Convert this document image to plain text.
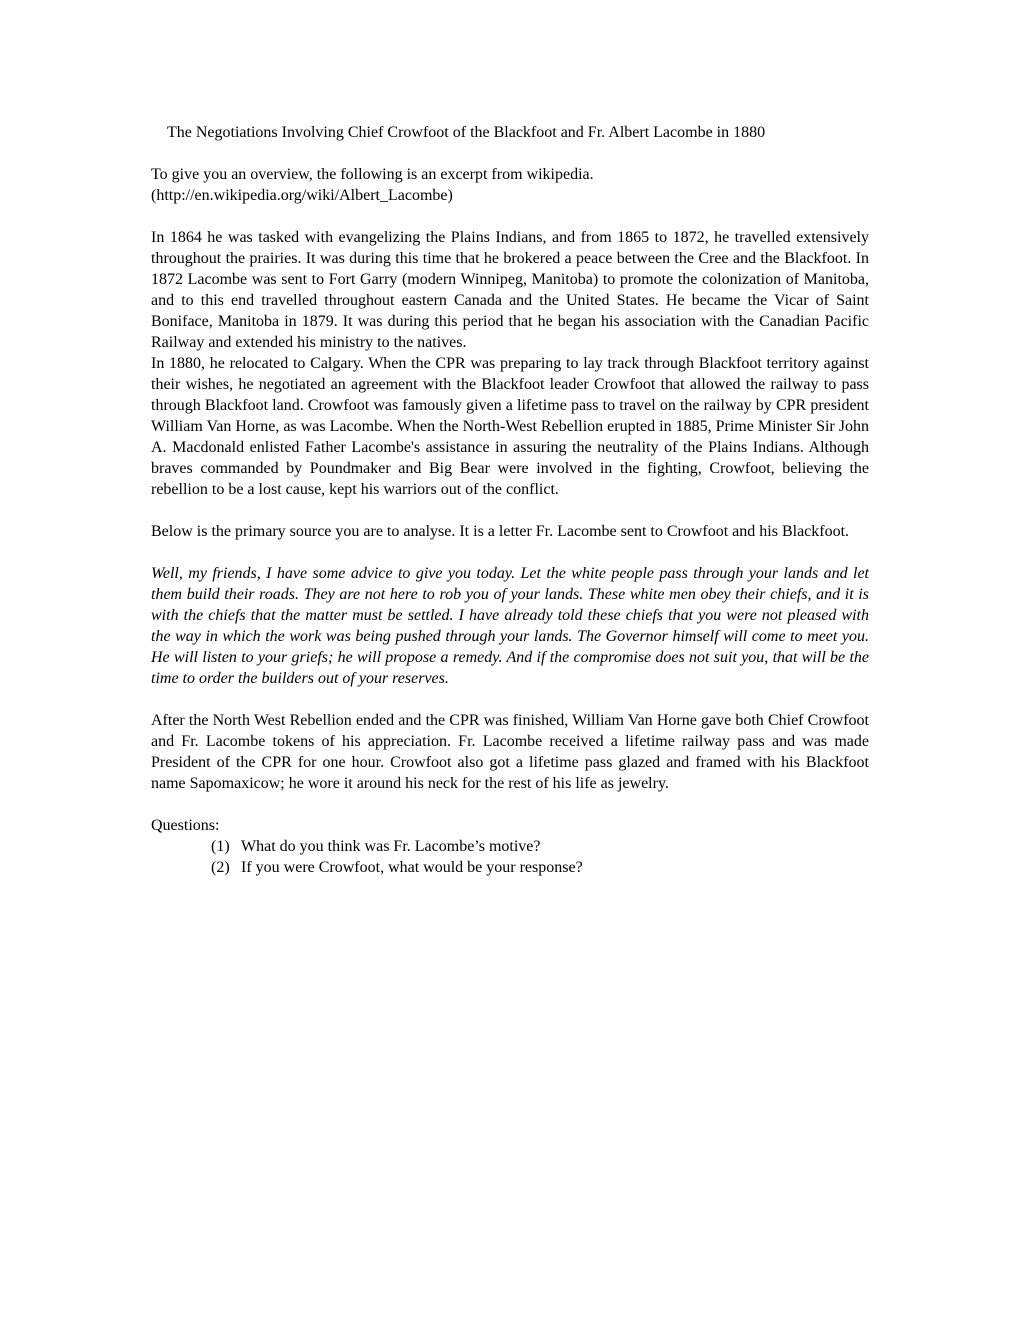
The Negotiations Involving Chief Crowfoot of the Blackfoot and Fr. Albert Lacombe in 1880

To give you an overview, the following is an excerpt from wikipedia.

(http://en.wikipedia.org/wiki/Albert_Lacombe)

In 1864 he was tasked with evangelizing the Plains Indians, and from 1865 to 1872, he travelled extensively throughout the prairies. It was during this time that he brokered a peace between the Cree and the Blackfoot. In 1872 Lacombe was sent to Fort Garry (modern Winnipeg, Manitoba) to promote the colonization of Manitoba, and to this end travelled throughout eastern Canada and the United States. He became the Vicar of Saint Boniface, Manitoba in 1879. It was during this period that he began his association with the Canadian Pacific Railway and extended his ministry to the natives.

In 1880, he relocated to Calgary. When the CPR was preparing to lay track through Blackfoot territory against their wishes, he negotiated an agreement with the Blackfoot leader Crowfoot that allowed the railway to pass through Blackfoot land. Crowfoot was famously given a lifetime pass to travel on the railway by CPR president William Van Horne, as was Lacombe. When the North-West Rebellion erupted in 1885, Prime Minister Sir John A. Macdonald enlisted Father Lacombe's assistance in assuring the neutrality of the Plains Indians. Although braves commanded by Poundmaker and Big Bear were involved in the fighting, Crowfoot, believing the rebellion to be a lost cause, kept his warriors out of the conflict.

Below is the primary source you are to analyse. It is a letter Fr. Lacombe sent to Crowfoot and his Blackfoot.

Well, my friends, I have some advice to give you today. Let the white people pass through your lands and let them build their roads. They are not here to rob you of your lands. These white men obey their chiefs, and it is with the chiefs that the matter must be settled. I have already told these chiefs that you were not pleased with the way in which the work was being pushed through your lands. The Governor himself will come to meet you. He will listen to your griefs; he will propose a remedy. And if the compromise does not suit you, that will be the time to order the builders out of your reserves.

After the North West Rebellion ended and the CPR was finished, William Van Horne gave both Chief Crowfoot and Fr. Lacombe tokens of his appreciation. Fr. Lacombe received a lifetime railway pass and was made President of the CPR for one hour. Crowfoot also got a lifetime pass glazed and framed with his Blackfoot name Sapomaxicow; he wore it around his neck for the rest of his life as jewelry.

Questions:

(1) What do you think was Fr. Lacombe’s motive?
(2) If you were Crowfoot, what would be your response?
